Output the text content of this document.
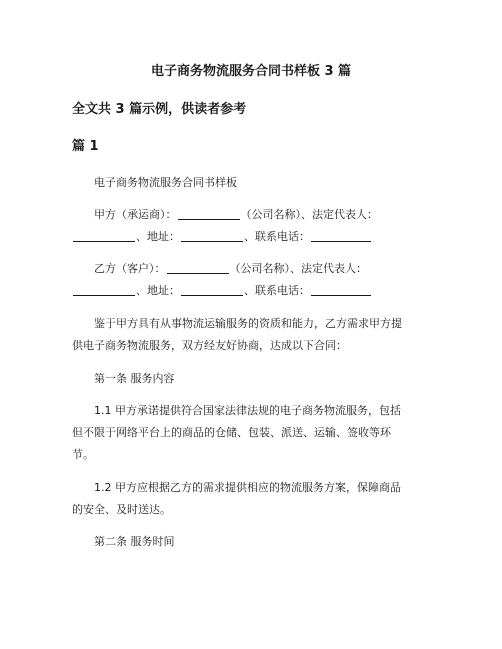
电子商务物流服务合同书样板 3 篇
全文共 3 篇示例，供读者参考
篇 1

电子商务物流服务合同书样板

甲方（承运商）：	（公司名称）、法定代表人：

、地址：	、联系电话：

乙方（客户）：	（公司名称）、法定代表人：

、地址：	、联系电话：

鉴于甲方具有从事物流运输服务的资质和能力，乙方需求甲方提

供电子商务物流服务，双方经友好协商，达成以下合同：

第一条 服务内容

1.1 甲方承诺提供符合国家法律法规的电子商务物流服务，包括

但不限于网络平台上的商品的仓储、包装、派送、运输、签收等环

节。

1.2 甲方应根据乙方的需求提供相应的物流服务方案，保障商品

的安全、及时送达。

第二条 服务时间
